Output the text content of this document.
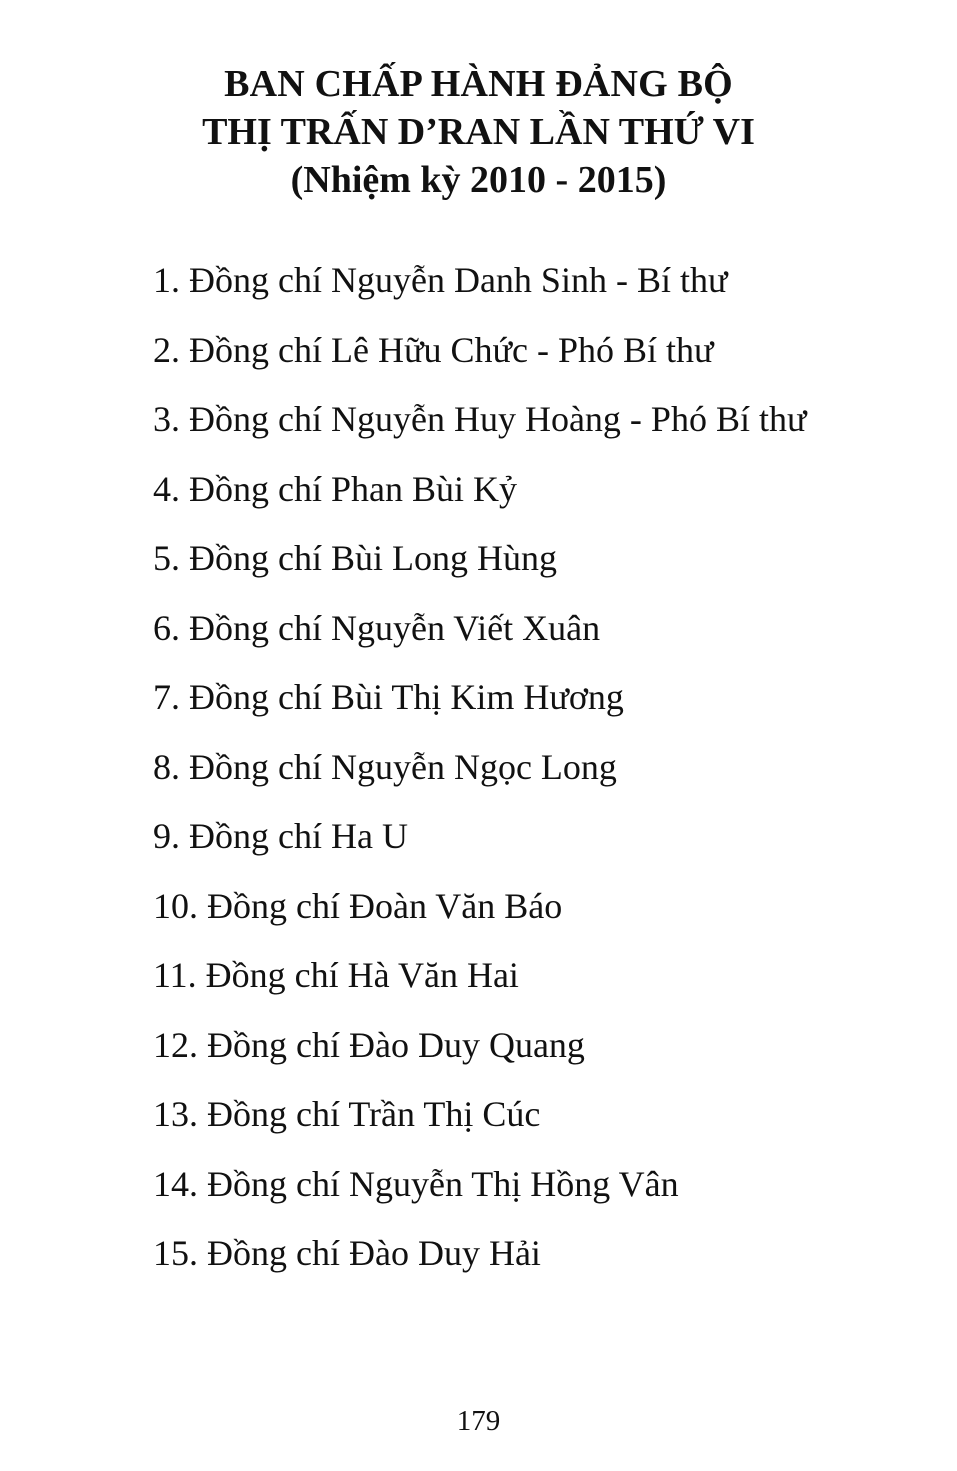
BAN CHẤP HÀNH ĐẢNG BỘ
THỊ TRẤN D’RAN LẦN THỨ VI
(Nhiệm kỳ 2010 - 2015)
1. Đồng chí Nguyễn Danh Sinh - Bí thư
2. Đồng chí Lê Hữu Chức - Phó Bí thư
3. Đồng chí Nguyễn Huy Hoàng - Phó Bí thư
4. Đồng chí Phan Bùi Kỷ
5. Đồng chí Bùi Long Hùng
6. Đồng chí Nguyễn Viết Xuân
7. Đồng chí Bùi Thị Kim Hương
8. Đồng chí Nguyễn Ngọc Long
9. Đồng chí Ha U
10. Đồng chí Đoàn Văn Báo
11. Đồng chí Hà Văn Hai
12. Đồng chí Đào Duy Quang
13. Đồng chí Trần Thị Cúc
14. Đồng chí Nguyễn Thị Hồng Vân
15. Đồng chí Đào Duy Hải
179
